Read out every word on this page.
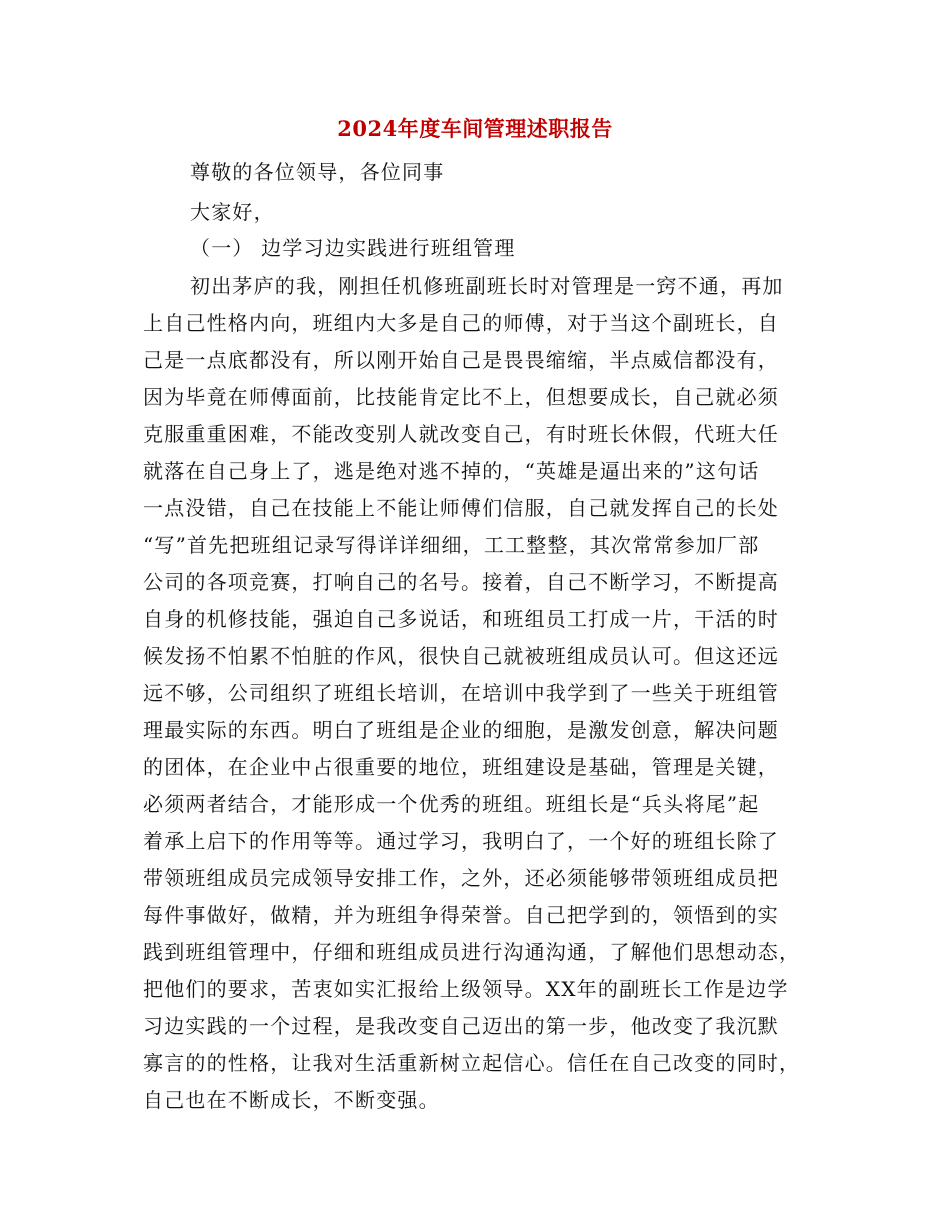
2024年度车间管理述职报告
尊敬的各位领导，各位同事
大家好，
（一） 边学习边实践进行班组管理
初出茅庐的我，刚担任机修班副班长时对管理是一窍不通，再加
上自己性格内向，班组内大多是自己的师傅，对于当这个副班长，自
己是一点底都没有，所以刚开始自己是畏畏缩缩，半点威信都没有，
因为毕竟在师傅面前，比技能肯定比不上，但想要成长，自己就必须
克服重重困难，不能改变别人就改变自己，有时班长休假，代班大任
就落在自己身上了，逃是绝对逃不掉的，“英雄是逼出来的”这句话
一点没错，自己在技能上不能让师傅们信服，自己就发挥自己的长处
“写”首先把班组记录写得详详细细，工工整整，其次常常参加厂部
公司的各项竞赛，打响自己的名号。接着，自己不断学习，不断提高
自身的机修技能，强迫自己多说话，和班组员工打成一片，干活的时
候发扬不怕累不怕脏的作风，很快自己就被班组成员认可。但这还远
远不够，公司组织了班组长培训，在培训中我学到了一些关于班组管
理最实际的东西。明白了班组是企业的细胞，是激发创意，解决问题
的团体，在企业中占很重要的地位，班组建设是基础，管理是关键，
必须两者结合，才能形成一个优秀的班组。班组长是“兵头将尾”起
着承上启下的作用等等。通过学习，我明白了，一个好的班组长除了
带领班组成员完成领导安排工作，之外，还必须能够带领班组成员把
每件事做好，做精，并为班组争得荣誉。自己把学到的，领悟到的实
践到班组管理中，仔细和班组成员进行沟通沟通，了解他们思想动态，
把他们的要求，苦衷如实汇报给上级领导。XX年的副班长工作是边学
习边实践的一个过程，是我改变自己迈出的第一步，他改变了我沉默
寡言的的性格，让我对生活重新树立起信心。信任在自己改变的同时，
自己也在不断成长，不断变强。
